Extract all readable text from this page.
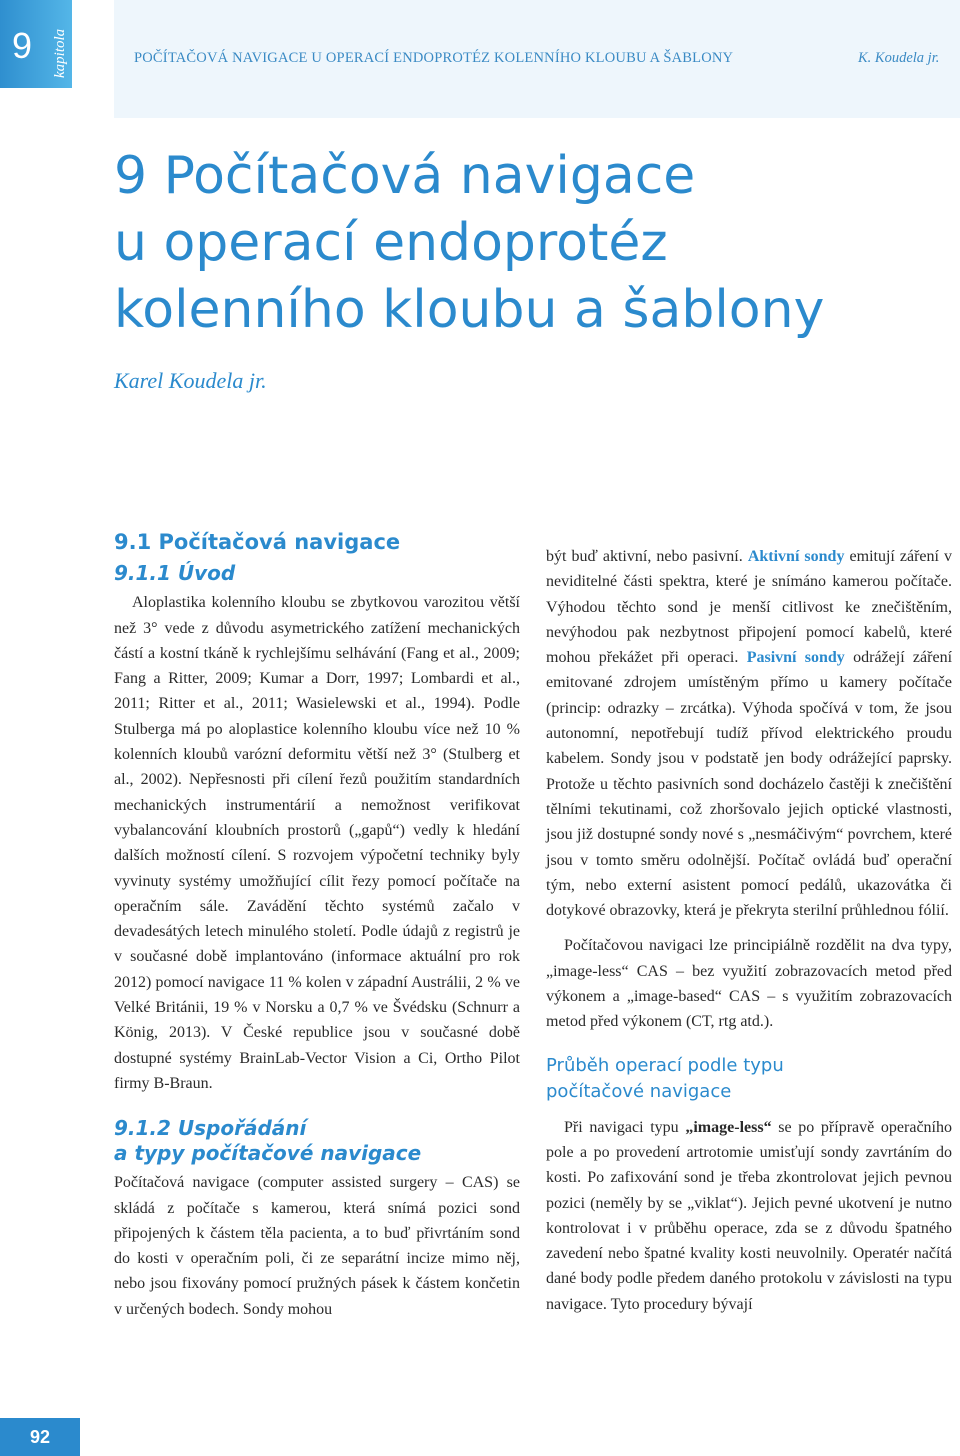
9 kapitola	POČÍTAČOVÁ NAVIGACE U OPERACÍ ENDOPROTÉZ KOLENNÍHO KLOUBU A ŠABLONY	K. Koudela jr.
9 Počítačová navigace
u operací endoprotéz
kolenního kloubu a šablony
Karel Koudela jr.
9.1 Počítačová navigace
9.1.1 Úvod

Aloplastika kolenního kloubu se zbytkovou varozitou větší než 3° vede z důvodu asymetrického zatížení mechanických částí a kostní tkáně k rychlejšímu selhávání (Fang et al., 2009; Fang a Ritter, 2009; Kumar a Dorr, 1997; Lombardi et al., 2011; Ritter et al., 2011; Wasielewski et al., 1994). Podle Stulberga má po aloplastice kolenního kloubu více než 10 % kolenních kloubů varózní deformitu větší než 3° (Stulberg et al., 2002). Nepřesnosti při cílení řezů použitím standardních mechanických instrumentárií a nemožnost verifikovat vybalancování kloubních prostorů („gapů“) vedly k hledání dalších možností cílení. S rozvojem výpočetní techniky byly vyvinuty systémy umožňující cílit řezy pomocí počítače na operačním sále. Zavádění těchto systémů začalo v devadesátých letech minulého století. Podle údajů z registrů je v současné době implantováno (informace aktuální pro rok 2012) pomocí navigace 11 % kolen v západní Austrálii, 2 % ve Velké Británii, 19 % v Norsku a 0,7 % ve Švédsku (Schnurr a König, 2013). V České republice jsou v současné době dostupné systémy BrainLab-Vector Vision a Ci, Ortho Pilot firmy B-Braun.

9.1.2 Uspořádání
a typy počítačové navigace

Počítačová navigace (computer assisted surgery – CAS) se skládá z počítače s kamerou, která snímá pozici sond připojených k částem těla pacienta, a to buď přivrtáním sond do kosti v operačním poli, či ze separátní incize mimo něj, nebo jsou fixovány pomocí pružných pásek k částem končetin v určených bodech. Sondy mohou

být buď aktivní, nebo pasivní. Aktivní sondy emitují záření v neviditelné části spektra, které je snímáno kamerou počítače. Výhodou těchto sond je menší citlivost ke znečištěním, nevýhodou pak nezbytnost připojení pomocí kabelů, které mohou překážet při operaci. Pasivní sondy odrážejí záření emitované zdrojem umístěným přímo u kamery počítače (princip: odrazky – zrcátka). Výhoda spočívá v tom, že jsou autonomní, nepotřebují tudíž přívod elektrického proudu kabelem. Sondy jsou v podstatě jen body odrážející paprsky. Protože u těchto pasivních sond docházelo častěji k znečištění tělními tekutinami, což zhoršovalo jejich optické vlastnosti, jsou již dostupné sondy nové s „nesmáčivým“ povrchem, které jsou v tomto směru odolnější. Počítač ovládá buď operační tým, nebo externí asistent pomocí pedálů, ukazovátka či dotykové obrazovky, která je překryta sterilní průhlednou fólií.

Počítačovou navigaci lze principiálně rozdělit na dva typy, „image-less“ CAS – bez využití zobrazovacích metod před výkonem a „image-based“ CAS – s využitím zobrazovacích metod před výkonem (CT, rtg atd.).

Průběh operací podle typu
počítačové navigace

Při navigaci typu „image-less“ se po přípravě operačního pole a po provedení artrotomie umisťují sondy zavrtáním do kosti. Po zafixování sond je třeba zkontrolovat jejich pevnou pozici (neměly by se „viklat“). Jejich pevné ukotvení je nutno kontrolovat i v průběhu operace, zda se z důvodu špatného zavedení nebo špatné kvality kosti neuvolnily. Operatér načítá dané body podle předem daného protokolu v závislosti na typu navigace. Tyto procedury bývají

92
